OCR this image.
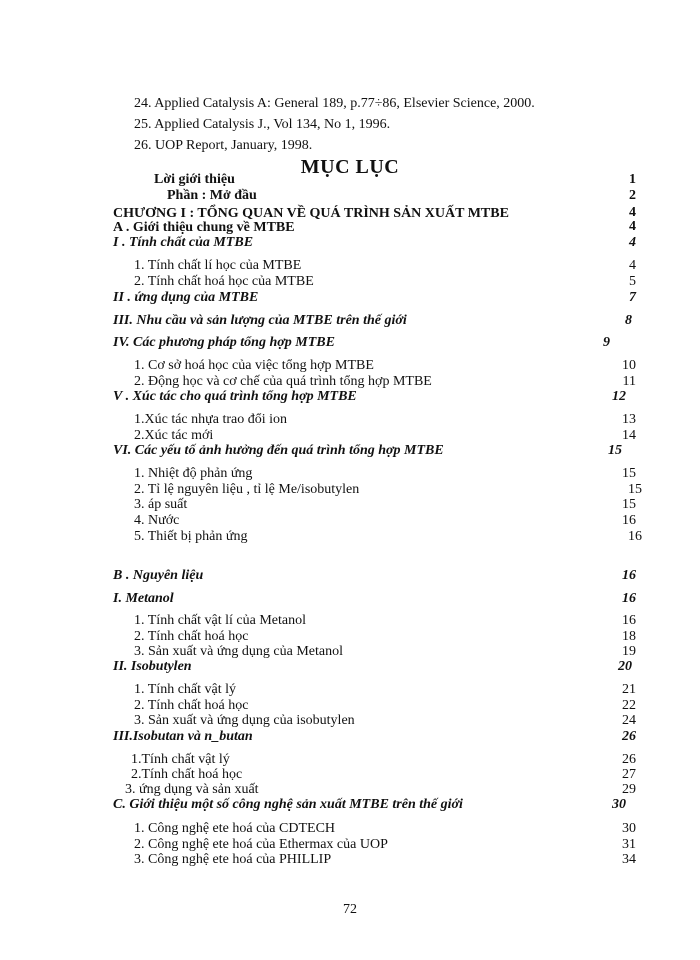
24. Applied Catalysis A: General 189, p.77÷86, Elsevier Science, 2000.
25. Applied Catalysis J., Vol 134, No 1, 1996.
26. UOP Report, January, 1998.
MỤC LỤC
Lời giới thiệu	1
Phần : Mở đầu	2
CHƯƠNG I : TỔNG QUAN VỀ QUÁ TRÌNH SẢN XUẤT MTBE	4
A . Giới thiệu chung về MTBE	4
I . Tính chất của MTBE	4
1. Tính chất lí học của MTBE	4
2. Tính chất hoá học của MTBE	5
II . ứng dụng của MTBE	7
III. Nhu cầu và sản lượng của MTBE trên thế giới	8
IV. Các phương pháp tổng hợp MTBE	9
1. Cơ sở hoá học của việc tổng hợp MTBE	10
2. Động học và cơ chế của quá trình tổng hợp MTBE	11
V . Xúc tác cho quá trình tổng hợp MTBE	12
1.Xúc tác nhựa trao đổi ion	13
2.Xúc tác mới	14
VI. Các yếu tố ảnh hưởng đến quá trình tổng hợp MTBE	15
1. Nhiệt độ phản ứng	15
2. Tỉ lệ nguyên liệu , tỉ lệ Me/isobutylen	15
3. áp suất	15
4. Nước	16
5. Thiết bị phản ứng	16
B . Nguyên liệu	16
I. Metanol	16
1. Tính chất vật lí của Metanol	16
2. Tính chất hoá học	18
3. Sản xuất và ứng dụng của Metanol	19
II. Isobutylen	20
1. Tính chất vật lý	21
2. Tính chất hoá học	22
3. Sản xuất và ứng dụng của isobutylen	24
III.Isobutan và n_butan	26
1.Tính chất vật lý	26
2.Tính chất hoá học	27
3. ứng dụng và sản xuất	29
C. Giới thiệu một số công nghệ sản xuất MTBE trên thế giới	30
1. Công nghệ ete hoá của CDTECH	30
2. Công nghệ ete hoá của Ethermax của UOP	31
3. Công nghệ ete hoá của PHILLIP	34
72
